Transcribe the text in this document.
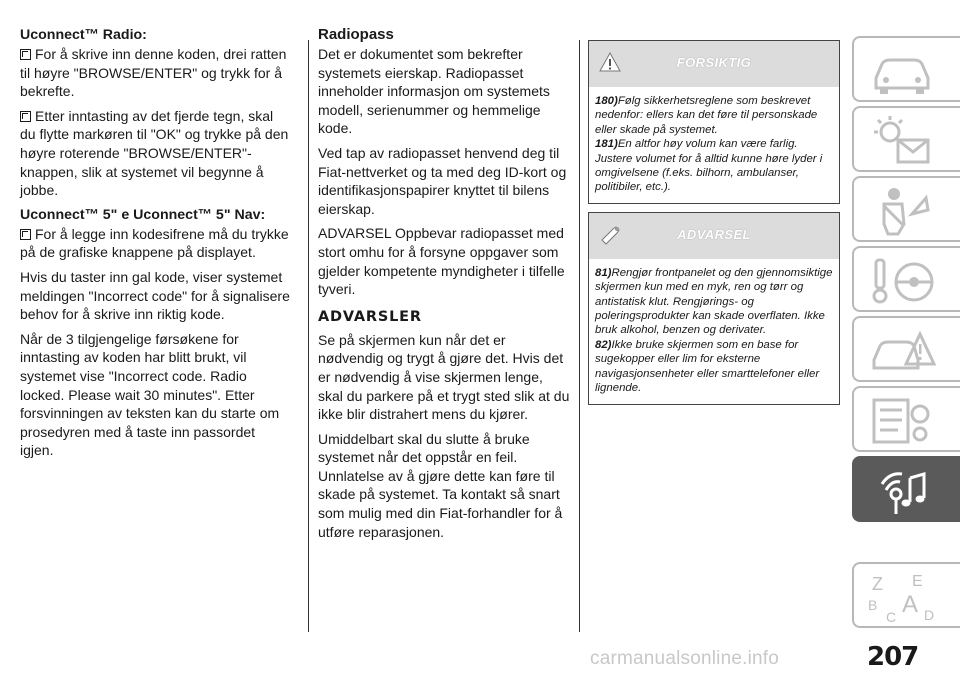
Uconnect™ Radio:

For å skrive inn denne koden, drei ratten til høyre "BROWSE/ENTER" og trykk for å bekrefte.

Etter inntasting av det fjerde tegn, skal du flytte markøren til "OK" og trykke på den høyre roterende "BROWSE/ENTER"-knappen, slik at systemet vil begynne å jobbe.

Uconnect™ 5" e Uconnect™ 5" Nav:

For å legge inn kodesifrene må du trykke på de grafiske knappene på displayet.

Hvis du taster inn gal kode, viser systemet meldingen "Incorrect code" for å signalisere behov for å skrive inn riktig kode.

Når de 3 tilgjengelige førsøkene for inntasting av koden har blitt brukt, vil systemet vise "Incorrect code. Radio locked. Please wait 30 minutes". Etter forsvinningen av teksten kan du starte om prosedyren med å taste inn passordet igjen.

Radiopass

Det er dokumentet som bekrefter systemets eierskap. Radiopasset inneholder informasjon om systemets modell, serienummer og hemmelige kode.

Ved tap av radiopasset henvend deg til Fiat-nettverket og ta med deg ID-kort og identifikasjonspapirer knyttet til bilens eierskap.

ADVARSEL Oppbevar radiopasset med stort omhu for å forsyne oppgaver som gjelder kompetente myndigheter i tilfelle tyveri.

ADVARSLER

Se på skjermen kun når det er nødvendig og trygt å gjøre det. Hvis det er nødvendig å vise skjermen lenge, skal du parkere på et trygt sted slik at du ikke blir distrahert mens du kjører.

Umiddelbart skal du slutte å bruke systemet når det oppstår en feil. Unnlatelse av å gjøre dette kan føre til skade på systemet. Ta kontakt så snart som mulig med din Fiat-forhandler for å utføre reparasjonen.

FORSIKTIG

180)Følg sikkerhetsreglene som beskrevet nedenfor: ellers kan det føre til personskade eller skade på systemet.

181)En altfor høy volum kan være farlig. Justere volumet for å alltid kunne høre lyder i omgivelsene (f.eks. bilhorn, ambulanser, politibiler, etc.).

ADVARSEL

81)Rengjør frontpanelet og den gjennomsiktige skjermen kun med en myk, ren og tørr og antistatisk klut. Rengjørings- og poleringsprodukter kan skade overflaten. Ikke bruk alkohol, benzen og derivater.

82)Ikke bruke skjermen som en base for sugekopper eller lim for eksterne navigasjonsenheter eller smarttelefoner eller lignende.

Z E
B A
C D
carmanualsonline.info	207
